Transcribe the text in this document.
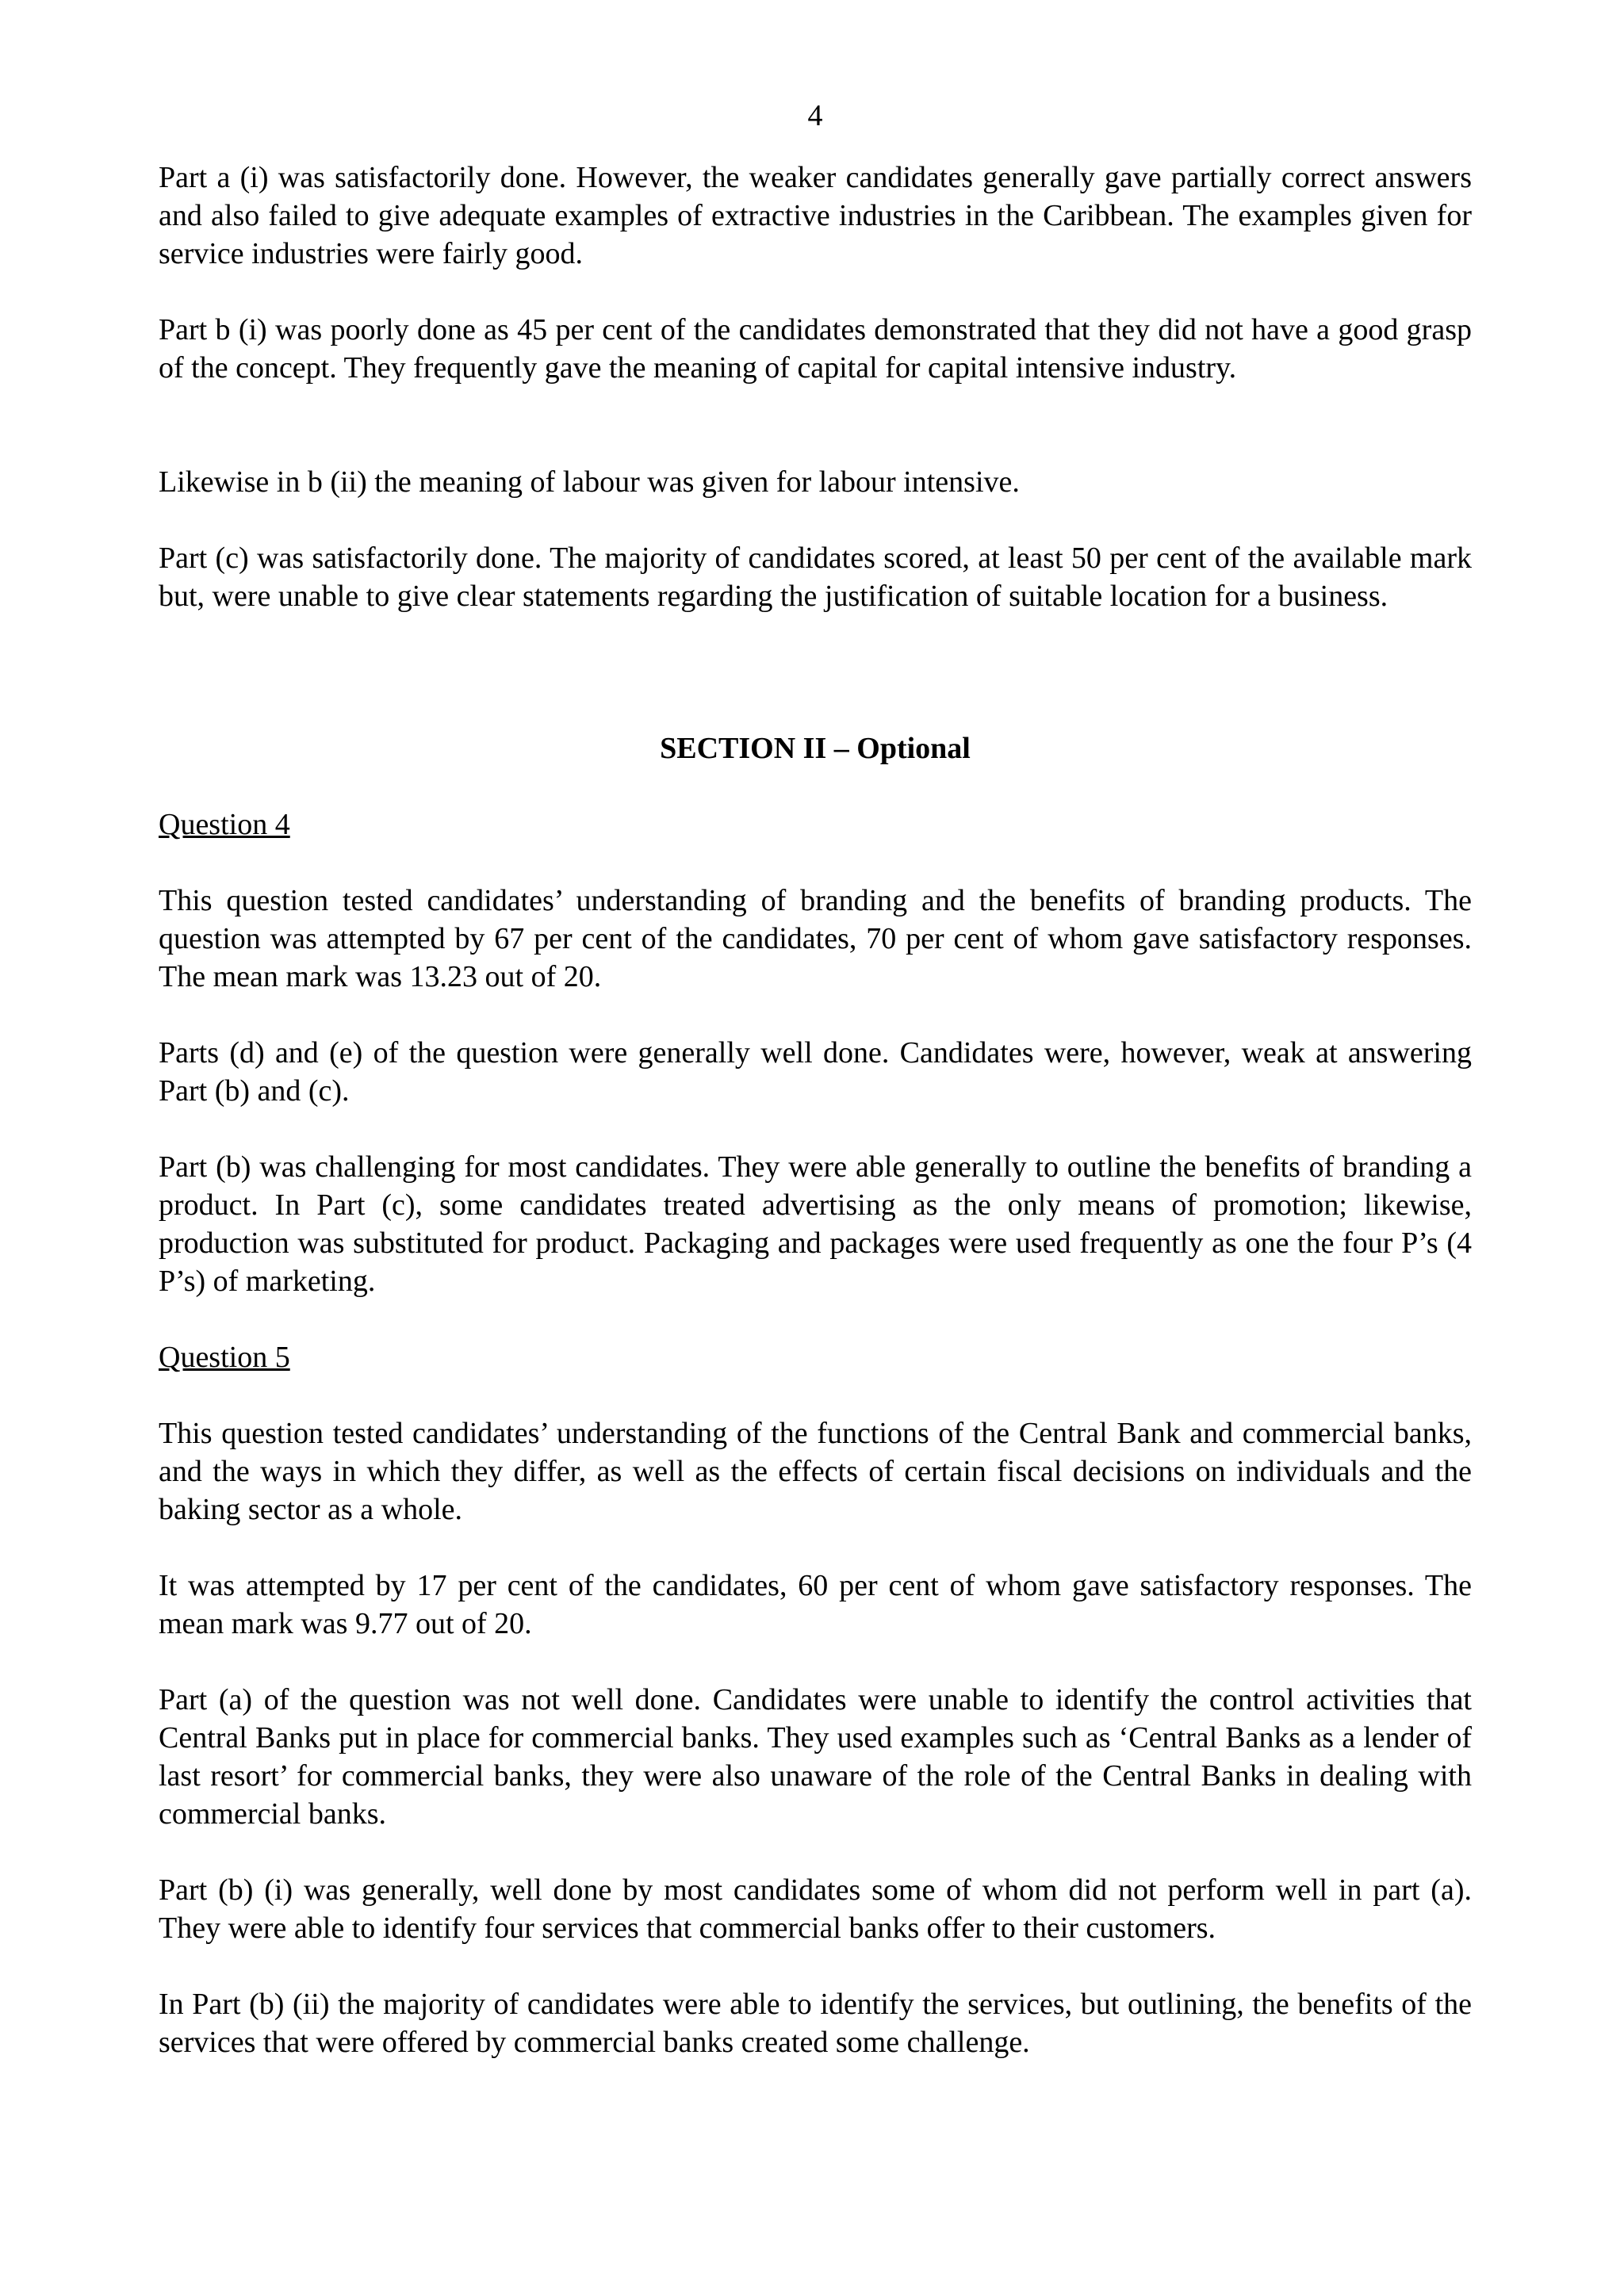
4

Part a (i) was satisfactorily done. However, the weaker candidates generally gave partially correct answers and also failed to give adequate examples of extractive industries in the Caribbean. The examples given for service industries were fairly good.

Part b (i) was poorly done as 45 per cent of the candidates demonstrated that they did not have a good grasp of the concept. They frequently gave the meaning of capital for capital intensive industry.

Likewise in b (ii) the meaning of labour was given for labour intensive.

Part (c) was satisfactorily done. The majority of candidates scored, at least 50 per cent of the available mark but, were unable to give clear statements regarding the justification of suitable location for a business.

SECTION II – Optional
Question 4

This question tested candidates’ understanding of branding and the benefits of branding products. The question was attempted by 67 per cent of the candidates, 70 per cent of whom gave satisfactory responses. The mean mark was 13.23 out of 20.

Parts (d) and (e) of the question were generally well done. Candidates were, however, weak at answering Part (b) and (c).

Part (b) was challenging for most candidates. They were able generally to outline the benefits of branding a product. In Part (c), some candidates treated advertising as the only means of promotion; likewise, production was substituted for product. Packaging and packages were used frequently as one the four P’s (4 P’s) of marketing.

Question 5

This question tested candidates’ understanding of the functions of the Central Bank and commercial banks, and the ways in which they differ, as well as the effects of certain fiscal decisions on individuals and the baking sector as a whole.

It was attempted by 17 per cent of the candidates, 60 per cent of whom gave satisfactory responses. The mean mark was 9.77 out of 20.

Part (a) of the question was not well done. Candidates were unable to identify the control activities that Central Banks put in place for commercial banks. They used examples such as ‘Central Banks as a lender of last resort’ for commercial banks, they were also unaware of the role of the Central Banks in dealing with commercial banks.

Part (b) (i) was generally, well done by most candidates some of whom did not perform well in part (a). They were able to identify four services that commercial banks offer to their customers.

In Part (b) (ii) the majority of candidates were able to identify the services, but outlining, the benefits of the services that were offered by commercial banks created some challenge.
